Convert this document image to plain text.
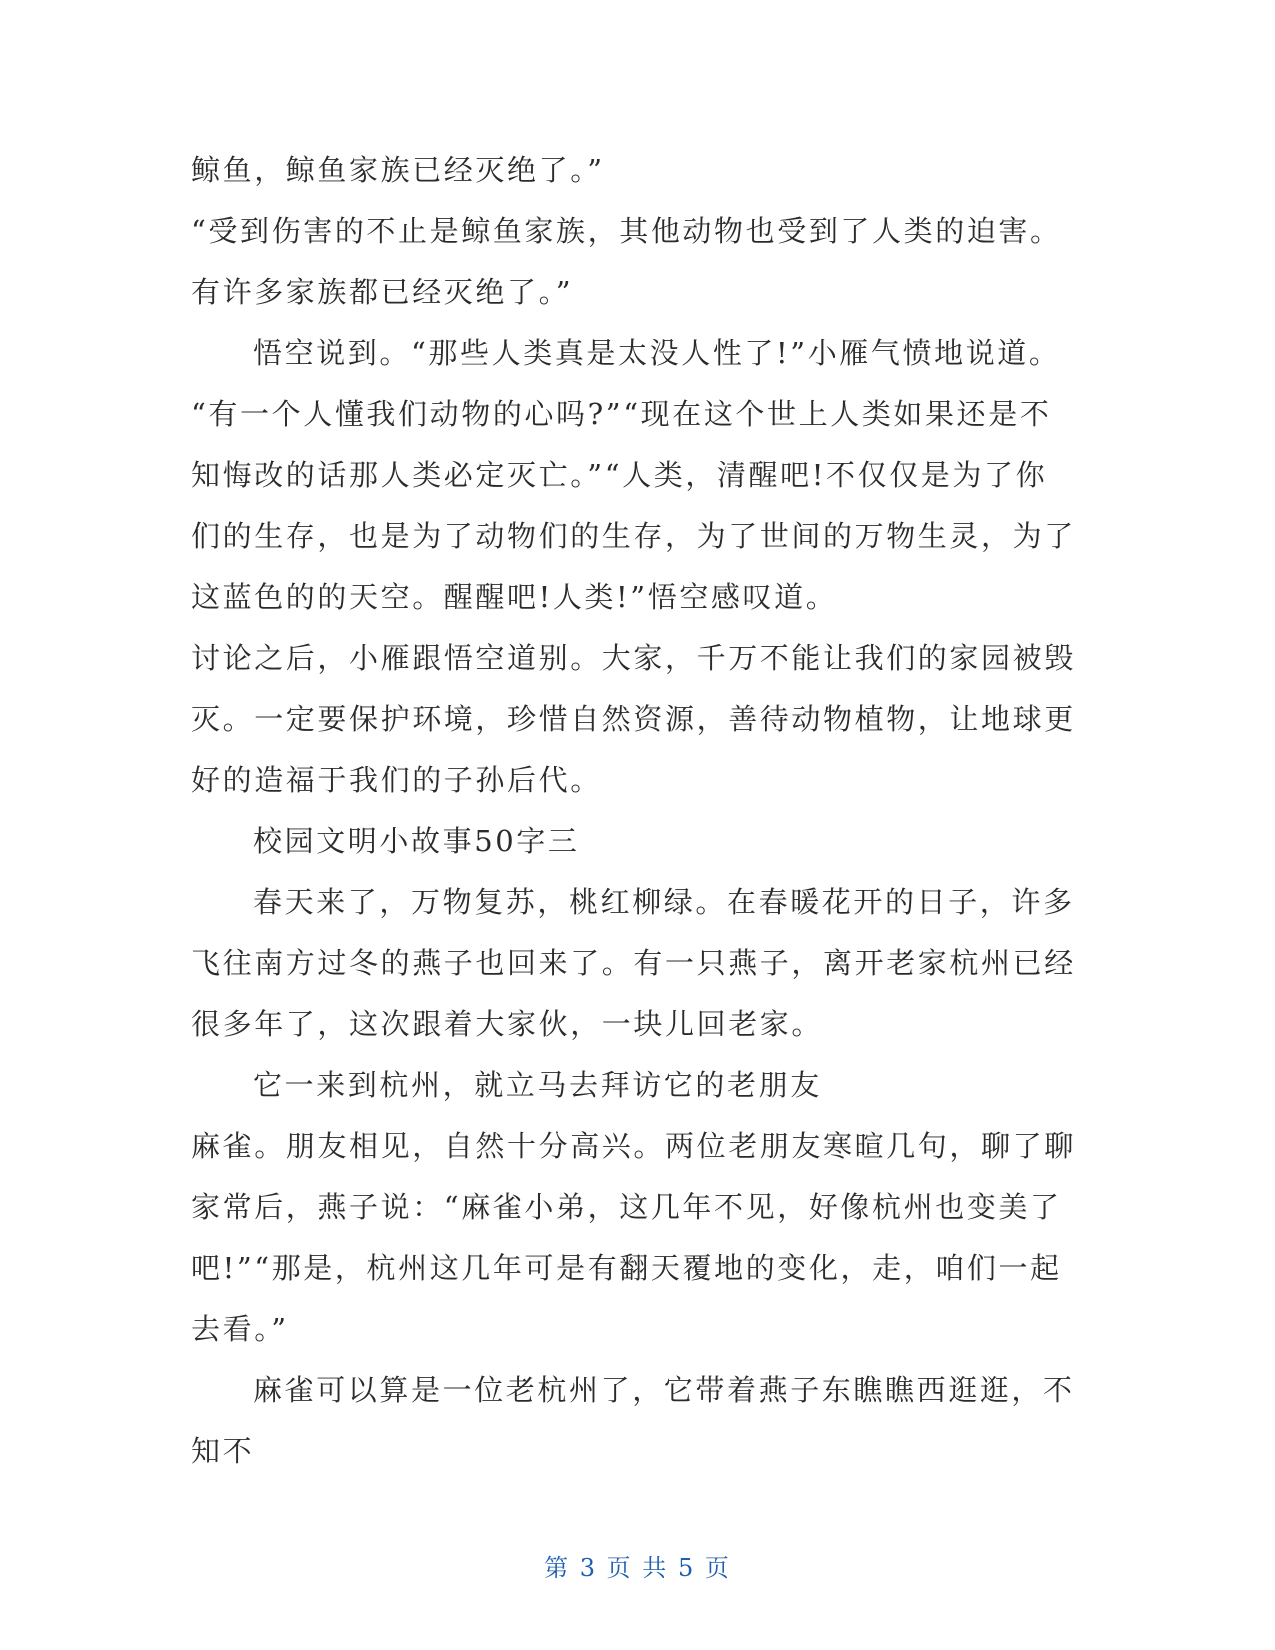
鲸鱼，鲸鱼家族已经灭绝了。”
“受到伤害的不止是鲸鱼家族，其他动物也受到了人类的迫害。
有许多家族都已经灭绝了。”
悟空说到。“那些人类真是太没人性了!”小雁气愤地说道。
“有一个人懂我们动物的心吗?”“现在这个世上人类如果还是不
知悔改的话那人类必定灭亡。”“人类，清醒吧!不仅仅是为了你
们的生存，也是为了动物们的生存，为了世间的万物生灵，为了
这蓝色的的天空。醒醒吧!人类!”悟空感叹道。
讨论之后，小雁跟悟空道别。大家，千万不能让我们的家园被毁
灭。一定要保护环境，珍惜自然资源，善待动物植物，让地球更
好的造福于我们的子孙后代。
校园文明小故事50字三
春天来了，万物复苏，桃红柳绿。在春暖花开的日子，许多
飞往南方过冬的燕子也回来了。有一只燕子，离开老家杭州已经
很多年了，这次跟着大家伙，一块儿回老家。
它一来到杭州，就立马去拜访它的老朋友
麻雀。朋友相见，自然十分高兴。两位老朋友寒暄几句，聊了聊
家常后，燕子说：“麻雀小弟，这几年不见，好像杭州也变美了
吧!”“那是，杭州这几年可是有翻天覆地的变化，走，咱们一起
去看。”
麻雀可以算是一位老杭州了，它带着燕子东瞧瞧西逛逛，不
知不
第 3 页 共 5 页
